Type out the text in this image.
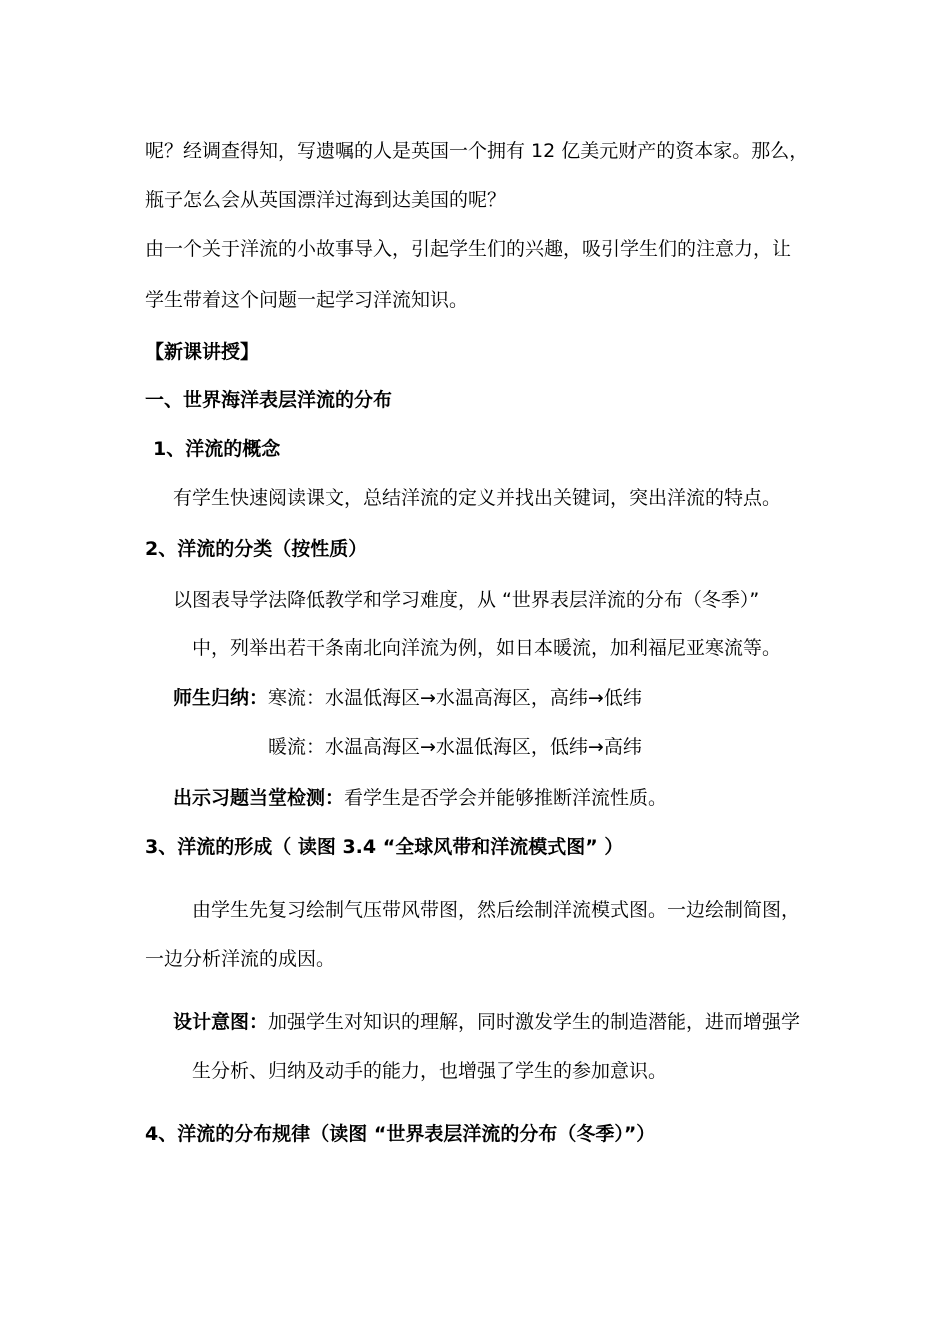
呢？经调查得知，写遗嘱的人是英国一个拥有 12 亿美元财产的资本家。那么，
瓶子怎么会从英国漂洋过海到达美国的呢？
由一个关于洋流的小故事导入，引起学生们的兴趣，吸引学生们的注意力，让
学生带着这个问题一起学习洋流知识。
【新课讲授】
一、世界海洋表层洋流的分布
1、洋流的概念
有学生快速阅读课文，总结洋流的定义并找出关键词，突出洋流的特点。
2、洋流的分类（按性质）
以图表导学法降低教学和学习难度，从 “世界表层洋流的分布（冬季）”
中，列举出若干条南北向洋流为例，如日本暖流，加利福尼亚寒流等。
师生归纳：寒流：水温低海区→水温高海区，高纬→低纬
暖流：水温高海区→水温低海区，低纬→高纬
出示习题当堂检测：看学生是否学会并能够推断洋流性质。
3、洋流的形成（ 读图 3.4 “全球风带和洋流模式图” ）
由学生先复习绘制气压带风带图，然后绘制洋流模式图。一边绘制简图，
一边分析洋流的成因。
设计意图：加强学生对知识的理解，同时激发学生的制造潜能，进而增强学
生分析、归纳及动手的能力，也增强了学生的参加意识。
4、洋流的分布规律（读图 “世界表层洋流的分布（冬季）”）
